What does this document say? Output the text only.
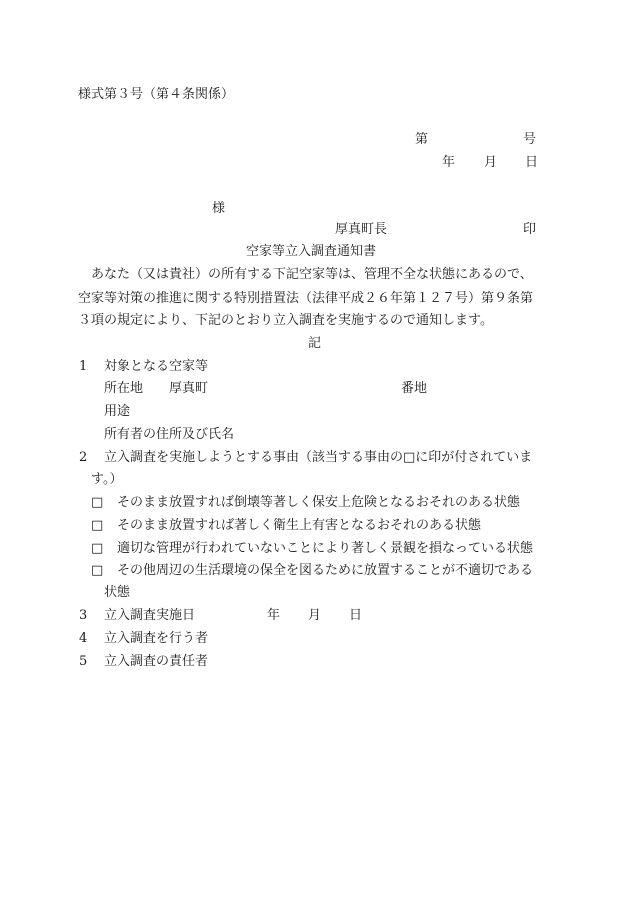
様式第３号（第４条関係）
第	号
年 月 日
様
厚真町長	印
空家等立入調査通知書
あなた（又は貴社）の所有する下記空家等は、管理不全な状態にあるので、
空家等対策の推進に関する特別措置法（法律平成２６年第１２７号）第９条第
３項の規定により、下記のとおり立入調査を実施するので通知します。
記
1 対象となる空家等
所在地 厚真町	番地
用途
所有者の住所及び氏名
2 立入調査を実施しようとする事由（該当する事由の□に印が付されていま
す。）
□ そのまま放置すれば倒壊等著しく保安上危険となるおそれのある状態
□ そのまま放置すれば著しく衛生上有害となるおそれのある状態
□ 適切な管理が行われていないことにより著しく景観を損なっている状態
□ その他周辺の生活環境の保全を図るために放置することが不適切である
状態
3 立入調査実施日	年 月 日
4 立入調査を行う者
5 立入調査の責任者
